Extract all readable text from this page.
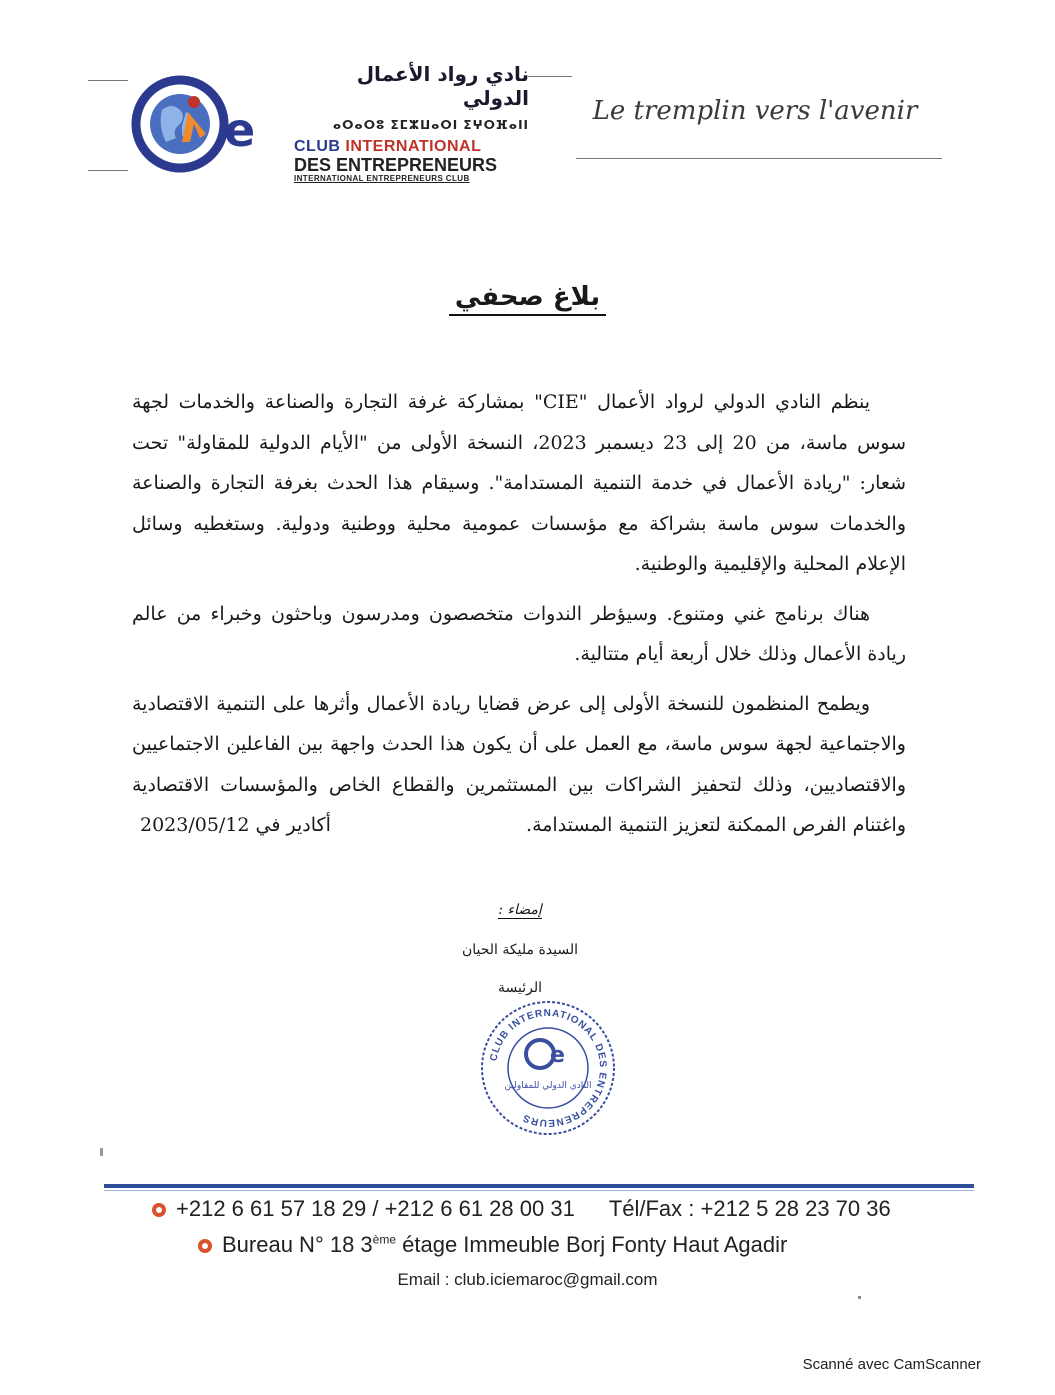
e
نادي رواد الأعمال الدولي
ⴰⵔⴰⵔⵓ ⵉⵎⵣⵡⴰⵔⵏ ⵉⵖⵔⴼⴰⵏⵏ
CLUB INTERNATIONAL
DES ENTREPRENEURS
INTERNATIONAL ENTREPRENEURS CLUB
Le tremplin vers l'avenir
بلاغ صحفي

ينظم النادي الدولي لرواد الأعمال "CIE" بمشاركة غرفة التجارة والصناعة والخدمات لجهة سوس ماسة، من 20 إلى 23 ديسمبر 2023، النسخة الأولى من "الأيام الدولية للمقاولة" تحت شعار: "ريادة الأعمال في خدمة التنمية المستدامة". وسيقام هذا الحدث بغرفة التجارة والصناعة والخدمات سوس ماسة بشراكة مع مؤسسات عمومية محلية ووطنية ودولية. وستغطيه وسائل الإعلام المحلية والإقليمية والوطنية.

هناك برنامج غني ومتنوع. وسيؤطر الندوات متخصصون ومدرسون وباحثون وخبراء من عالم ريادة الأعمال وذلك خلال أربعة أيام متتالية.

ويطمح المنظمون للنسخة الأولى إلى عرض قضايا ريادة الأعمال وأثرها على التنمية الاقتصادية والاجتماعية لجهة سوس ماسة، مع العمل على أن يكون هذا الحدث واجهة بين الفاعلين الاجتماعيين والاقتصاديين، وذلك لتحفيز الشراكات بين المستثمرين والقطاع الخاص والمؤسسات الاقتصادية واغتنام الفرص الممكنة لتعزيز التنمية المستدامة.

أكادير في 2023/05/12
إمضاء :
السيدة مليكة الحيان
الرئيسة
CLUB INTERNATIONAL DES ENTREPRENEURS
e
النادي الدولي للمقاولين
+212 6 61 57 18 29 / +212 6 61 28 00 31 Tél/Fax : +212 5 28 23 70 36
Bureau N° 18 3ème étage Immeuble Borj Fonty Haut Agadir
Email : club.iciemaroc@gmail.com
Scanné avec CamScanner
